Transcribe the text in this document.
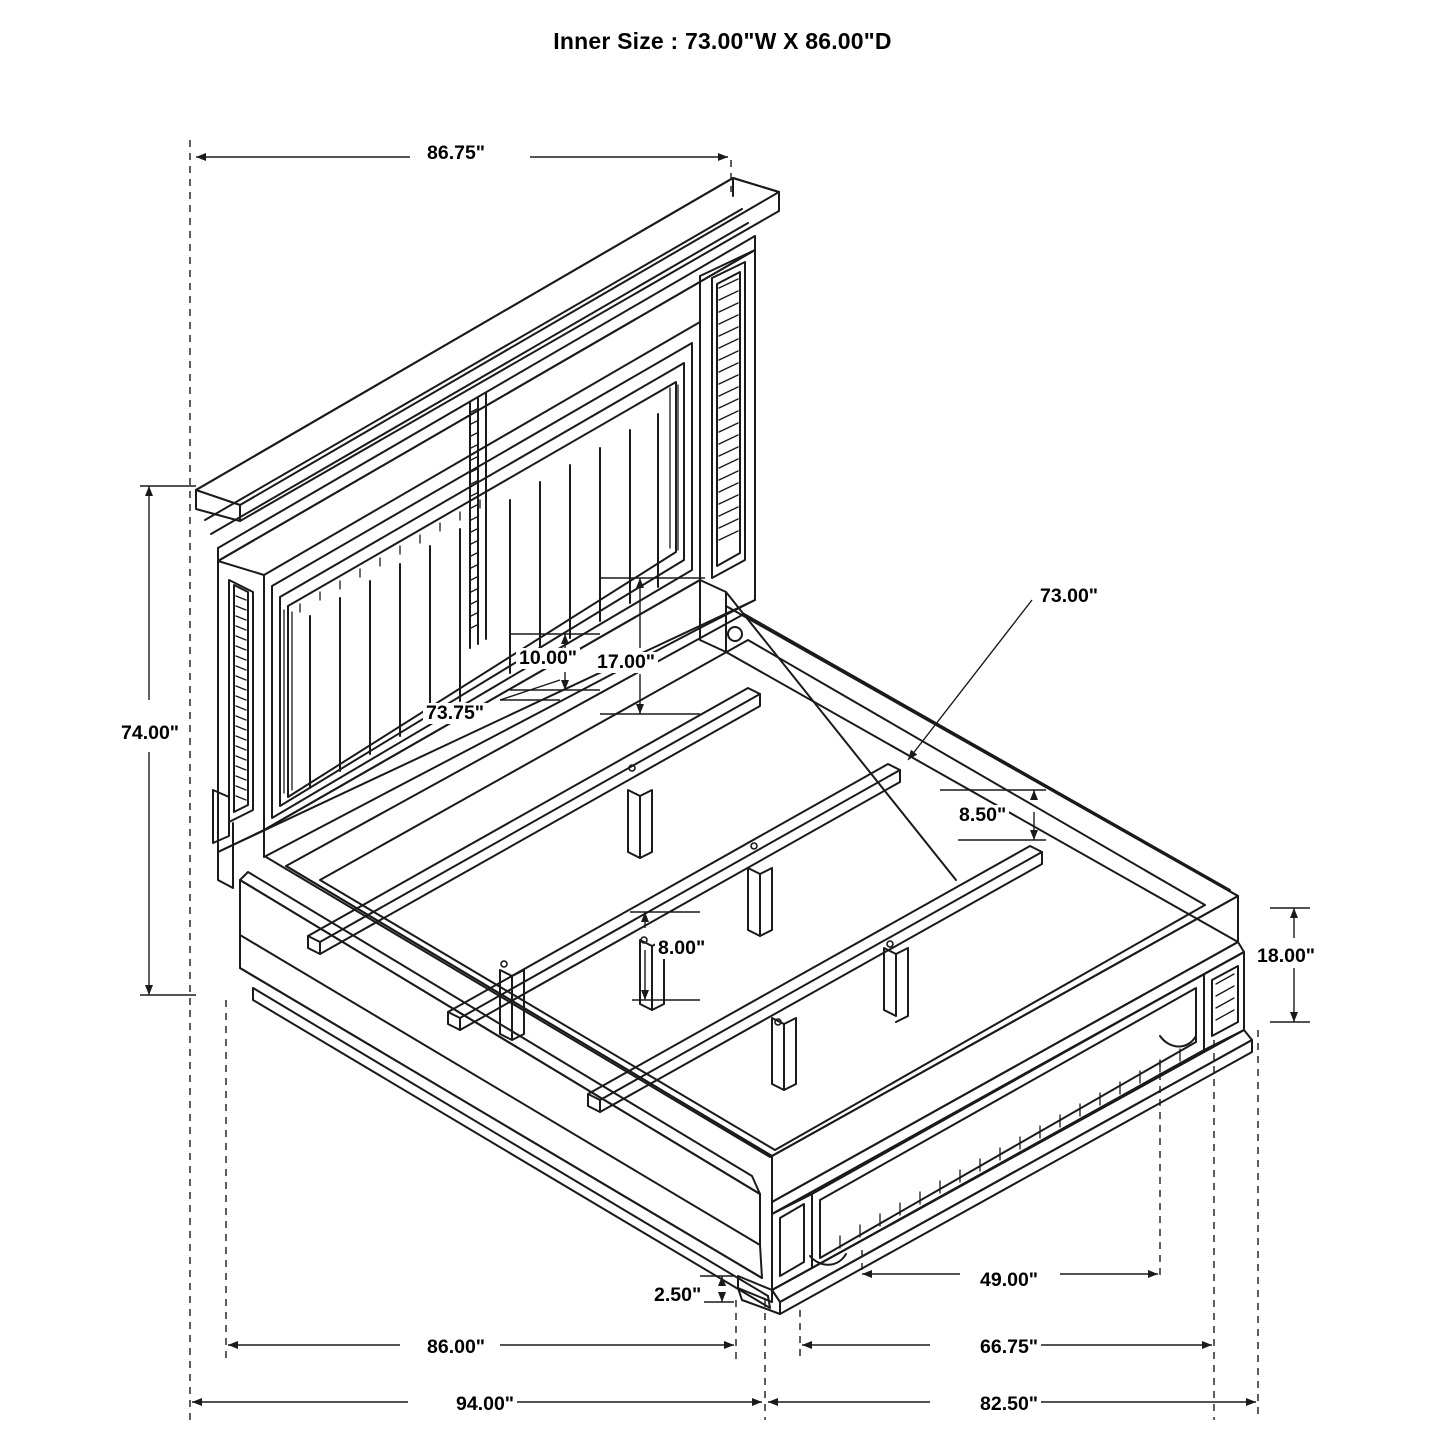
Inner Size : 73.00"W X 86.00"D
86.75"
74.00"
10.00" 17.00"
73.75"
73.00"
8.50"
8.00"	18.00"
2.50"
49.00"
86.00"	66.75"
94.00"	82.50"
